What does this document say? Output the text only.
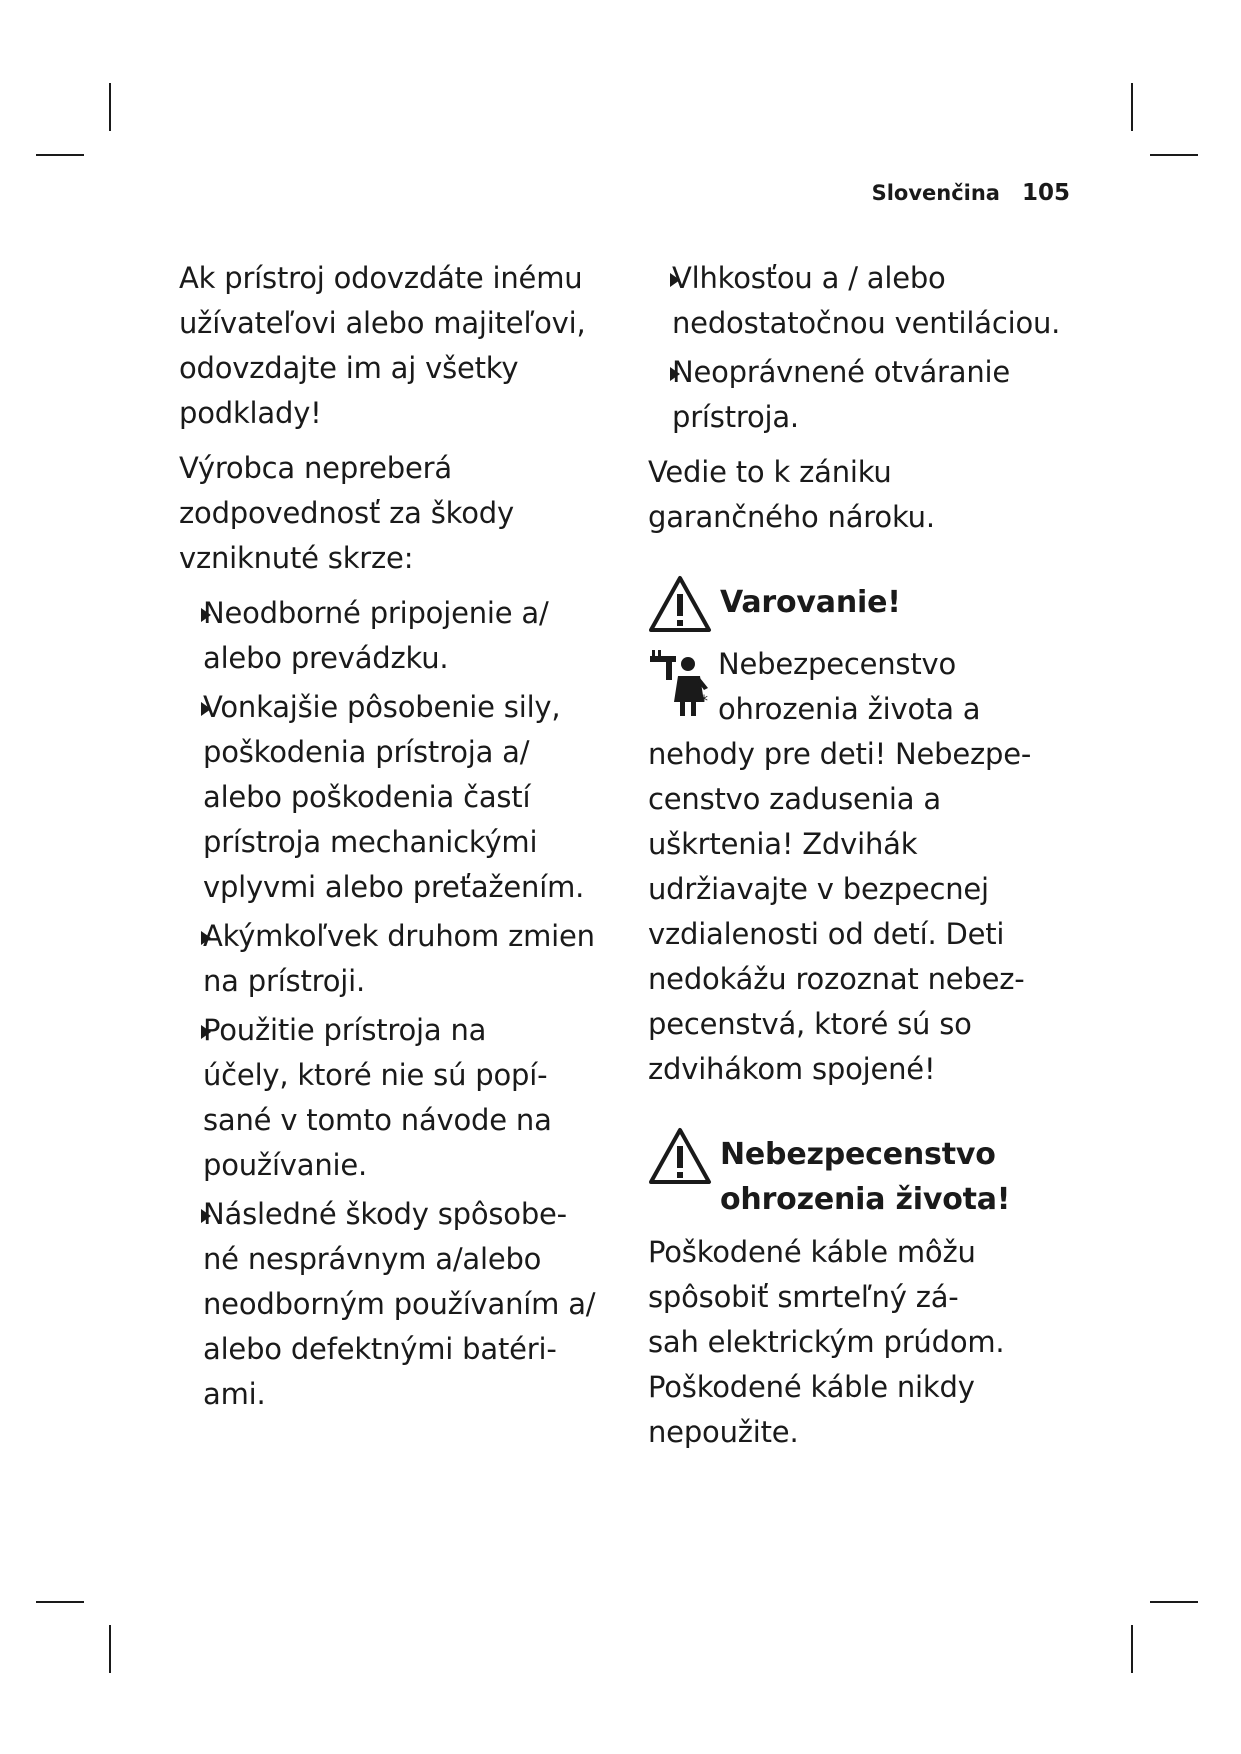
Slovenčina 105

Ak prístroj odovzdáte inému
užívateľovi alebo majiteľovi,
odovzdajte im aj všetky
podklady!

Výrobca nepreberá
zodpovednosť za škody
vzniknuté skrze:

Neodborné pripojenie a/
alebo prevádzku.
Vonkajšie pôsobenie sily,
poškodenia prístroja a/
alebo poškodenia častí
prístroja mechanickými
vplyvmi alebo preťažením.
Akýmkoľvek druhom zmien
na prístroji.
Použitie prístroja na
účely, ktoré nie sú popí-
sané v tomto návode na
používanie.
Následné škody spôsobe-
né nesprávnym a/alebo
neodborným používaním a/
alebo defektnými batéri-
ami.
Vlhkosťou a / alebo
nedostatočnou ventiláciou.
Neoprávnené otváranie
prístroja.

Vedie to k zániku
garančného nároku.

Varovanie!
*
Nebezpecenstvo
ohrozenia života a
nehody pre deti! Nebezpe-
censtvo zadusenia a
uškrtenia! Zdvihák
udržiavajte v bezpecnej
vzdialenosti od detí. Deti
nedokážu rozoznat nebez-
pecenstvá, ktoré sú so
zdvihákom spojené!
Nebezpecenstvo
ohrozenia života!

Poškodené káble môžu
spôsobiť smrteľný zá-
sah elektrickým prúdom.
Poškodené káble nikdy
nepoužite.
